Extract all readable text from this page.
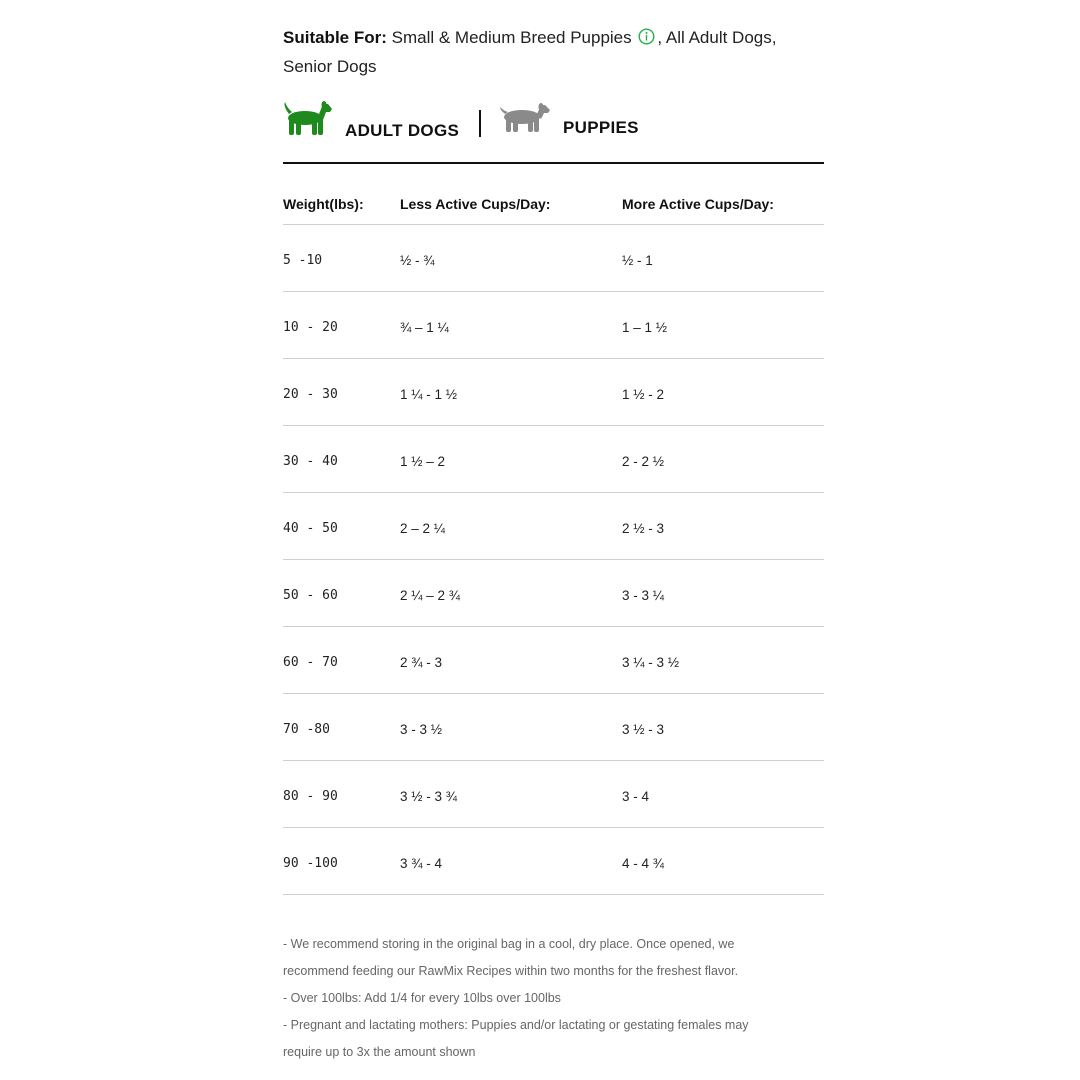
Suitable For: Small & Medium Breed Puppies , All Adult Dogs,
Senior Dogs

ADULT DOGS	PUPPIES
Weight(lbs):	Less Active Cups/Day:	More Active Cups/Day:
5 -10	½ - ¾	½ - 1
10 - 20	¾ – 1 ¼	1 – 1 ½
20 - 30	1 ¼ - 1 ½	1 ½ - 2
30 - 40	1 ½ – 2	2 - 2 ½
40 - 50	2 – 2 ¼	2 ½ - 3
50 - 60	2 ¼ – 2 ¾	3 - 3 ¼
60 - 70	2 ¾ - 3	3 ¼ - 3 ½
70 -80	3 - 3 ½	3 ½ - 3
80 - 90	3 ½ - 3 ¾	3 - 4
90 -100	3 ¾ - 4	4 - 4 ¾

- We recommend storing in the original bag in a cool, dry place. Once opened, we

recommend feeding our RawMix Recipes within two months for the freshest flavor.

- Over 100lbs: Add 1/4 for every 10lbs over 100lbs

- Pregnant and lactating mothers: Puppies and/or lactating or gestating females may

require up to 3x the amount shown
